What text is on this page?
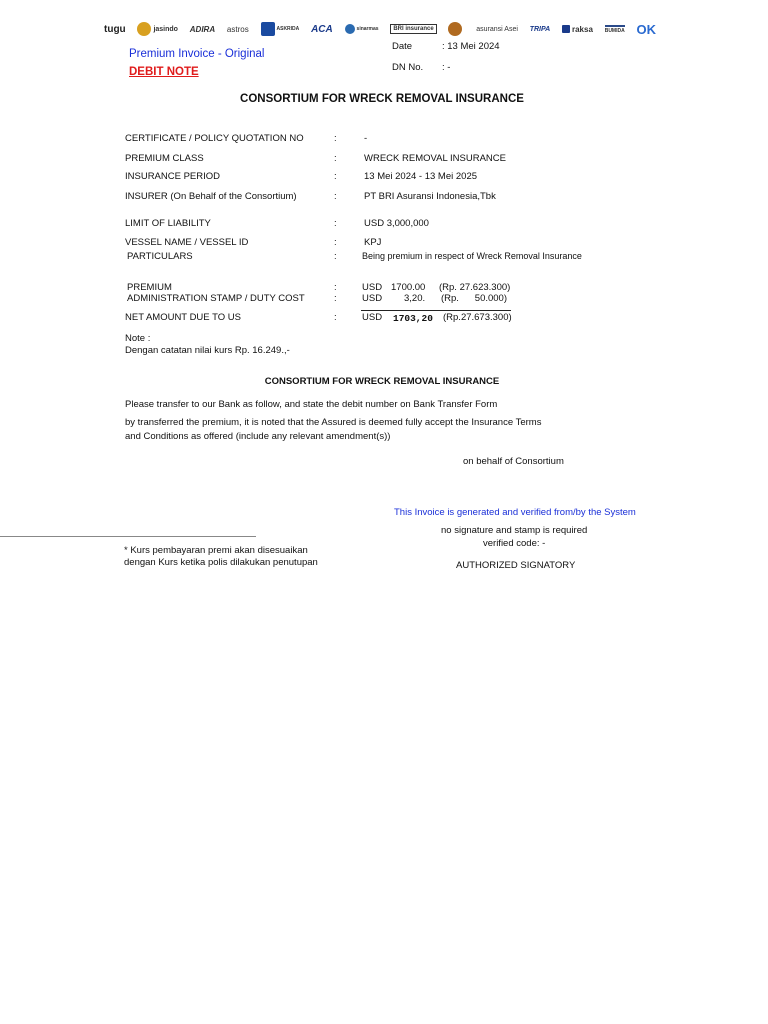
tugu	jasindo ADIRA astros	ASKRIDA ACA	sinarmas	BRI insurance	asuransi Asei TRIPA	raksa BUMIDA OK
Premium Invoice - Original
DEBIT NOTE
Date	: 13 Mei 2024
DN No. : -
CONSORTIUM FOR WRECK REMOVAL INSURANCE
CERTIFICATE / POLICY QUOTATION NO	:	-
PREMIUM CLASS	:	WRECK REMOVAL INSURANCE
INSURANCE PERIOD	:	13 Mei 2024 - 13 Mei 2025
INSURER (On Behalf of the Consortium)	:	PT BRI Asuransi Indonesia,Tbk
LIMIT OF LIABILITY	:	USD 3,000,000
VESSEL NAME / VESSEL ID	:	KPJ
PARTICULARS	:	Being premium in respect of Wreck Removal Insurance
PREMIUM	:	USD 1700.00 (Rp. 27.623.300)
ADMINISTRATION STAMP / DUTY COST	:	USD 3,20. (Rp.      50.000)
NET AMOUNT DUE TO US	:	USD 1703,20 (Rp.27.673.300)
Note :
Dengan catatan nilai kurs Rp. 16.249.,-
CONSORTIUM FOR WRECK REMOVAL INSURANCE
Please transfer to our Bank as follow, and state the debit number on Bank Transfer Form
by transferred the premium, it is noted that the Assured is deemed fully accept the Insurance Terms
and Conditions as offered (include any relevant amendment(s))
on behalf of Consortium
This Invoice is generated and verified from/by the System
no signature and stamp is required
verified code: -
AUTHORIZED SIGNATORY
* Kurs pembayaran premi akan disesuaikan
dengan Kurs ketika polis dilakukan penutupan
